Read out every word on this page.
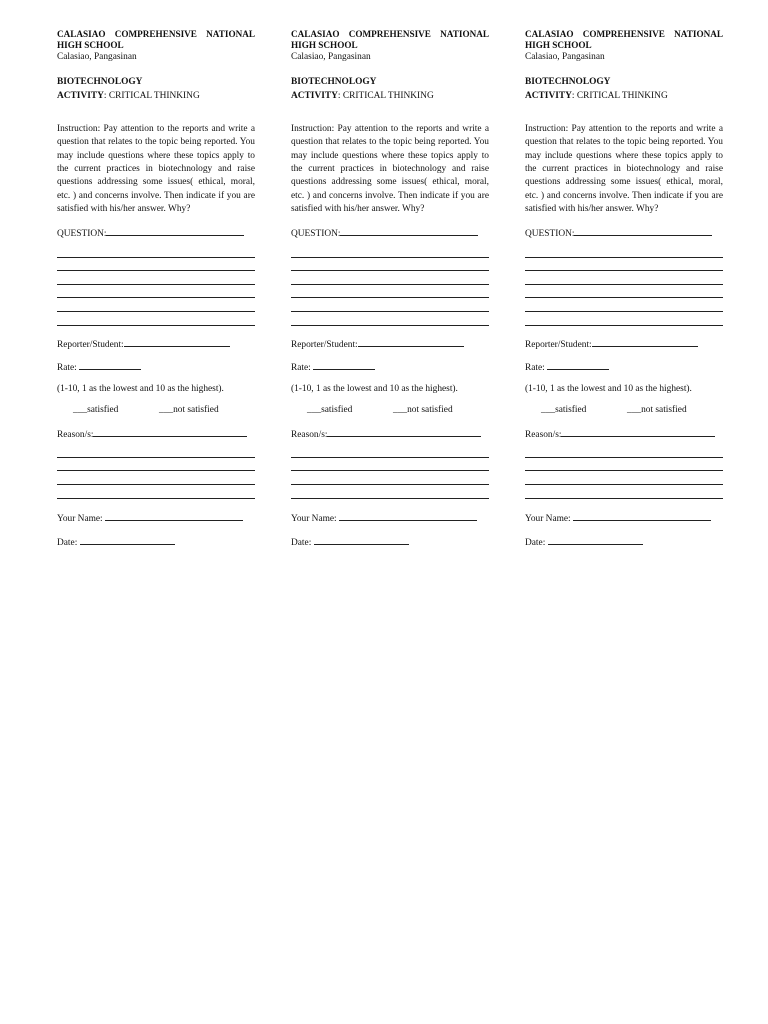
CALASIAO COMPREHENSIVE NATIONAL HIGH SCHOOL
Calasiao, Pangasinan
BIOTECHNOLOGY
ACTIVITY: CRITICAL THINKING
Instruction: Pay attention to the reports and write a question that relates to the topic being reported. You may include questions where these topics apply to the current practices in biotechnology and raise questions addressing some issues( ethical, moral, etc. ) and concerns involve. Then indicate if you are satisfied with his/her answer. Why?
QUESTION:
Reporter/Student:
Rate:
(1-10, 1 as the lowest and 10 as the highest).
___satisfied	___not satisfied
Reason/s:
Your Name:
Date:
CALASIAO COMPREHENSIVE NATIONAL HIGH SCHOOL
Calasiao, Pangasinan
BIOTECHNOLOGY
ACTIVITY: CRITICAL THINKING
Instruction: Pay attention to the reports and write a question that relates to the topic being reported. You may include questions where these topics apply to the current practices in biotechnology and raise questions addressing some issues( ethical, moral, etc. ) and concerns involve. Then indicate if you are satisfied with his/her answer. Why?
QUESTION:
Reporter/Student:
Rate:
(1-10, 1 as the lowest and 10 as the highest).
___satisfied	___not satisfied
Reason/s:
Your Name:
Date:
CALASIAO COMPREHENSIVE NATIONAL HIGH SCHOOL
Calasiao, Pangasinan
BIOTECHNOLOGY
ACTIVITY: CRITICAL THINKING
Instruction: Pay attention to the reports and write a question that relates to the topic being reported. You may include questions where these topics apply to the current practices in biotechnology and raise questions addressing some issues( ethical, moral, etc. ) and concerns involve. Then indicate if you are satisfied with his/her answer. Why?
QUESTION:
Reporter/Student:
Rate:
(1-10, 1 as the lowest and 10 as the highest).
___satisfied	___not satisfied
Reason/s:
Your Name:
Date:
